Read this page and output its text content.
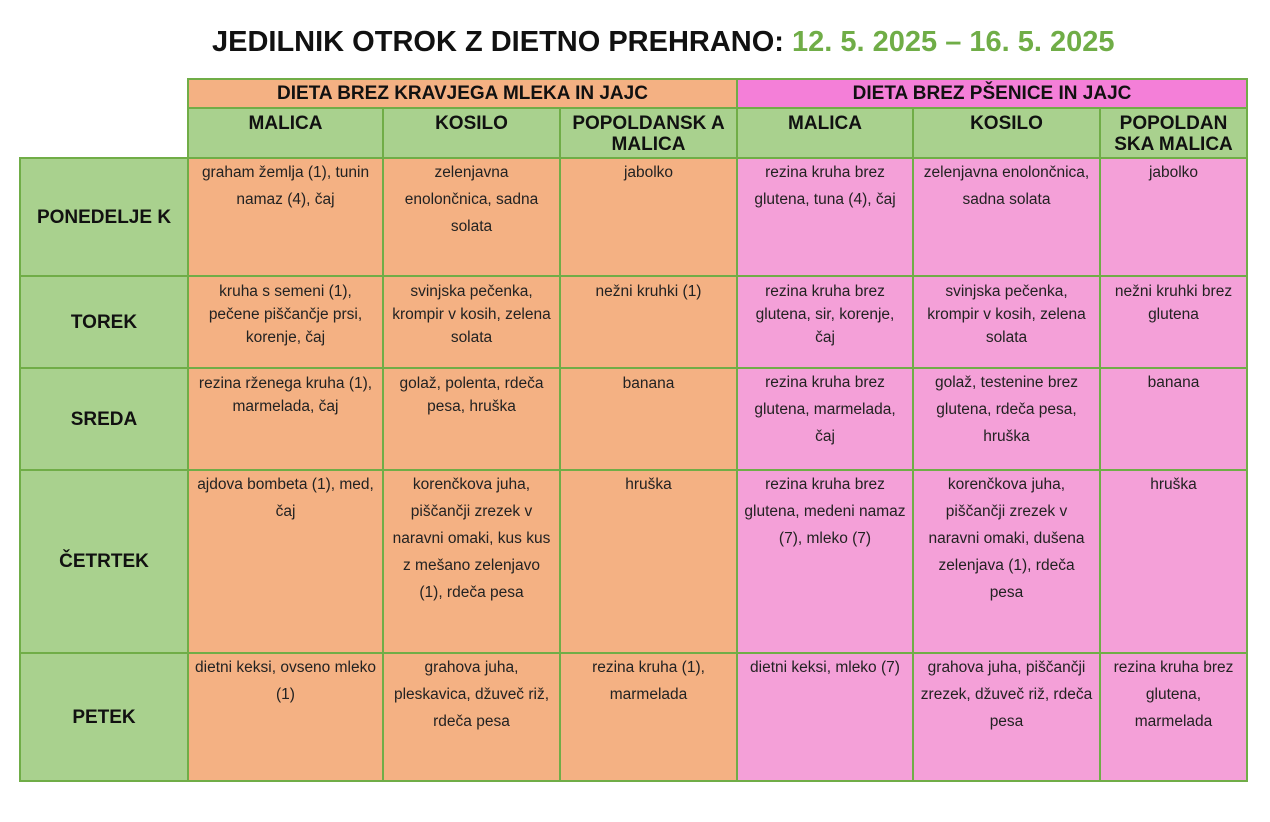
JEDILNIK OTROK Z DIETNO PREHRANO: 12. 5. 2025 – 16. 5. 2025
	DIETA BREZ KRAVJEGA MLEKA IN JAJC			DIETA BREZ PŠENICE IN JAJC		
	MALICA	KOSILO	POPOLDANSK A MALICA	MALICA	KOSILO	POPOLDAN SKA MALICA
PONEDELJE K	graham žemlja (1), tunin namaz (4), čaj	zelenjavna enolončnica, sadna solata	jabolko	rezina kruha brez glutena, tuna (4), čaj	zelenjavna enolončnica, sadna solata	jabolko
TOREK	kruha s semeni (1), pečene piščančje prsi, korenje, čaj	svinjska pečenka, krompir v kosih, zelena solata	nežni kruhki (1)	rezina kruha brez glutena, sir, korenje, čaj	svinjska pečenka, krompir v kosih, zelena solata	nežni kruhki brez glutena
SREDA	rezina rženega kruha (1), marmelada, čaj	golaž, polenta, rdeča pesa, hruška	banana	rezina kruha brez glutena, marmelada, čaj	golaž, testenine brez glutena, rdeča pesa, hruška	banana
ČETRTEK	ajdova bombeta (1), med, čaj	korenčkova juha, piščančji zrezek v naravni omaki, kus kus z mešano zelenjavo (1), rdeča pesa	hruška	rezina kruha brez glutena, medeni namaz (7), mleko (7)	korenčkova juha, piščančji zrezek v naravni omaki, dušena zelenjava (1), rdeča pesa	hruška
PETEK	dietni keksi, ovseno mleko (1)	grahova juha, pleskavica, džuveč riž, rdeča pesa	rezina kruha (1), marmelada	dietni keksi, mleko (7)	grahova juha, piščančji zrezek, džuveč riž, rdeča pesa	rezina kruha brez glutena, marmelada
